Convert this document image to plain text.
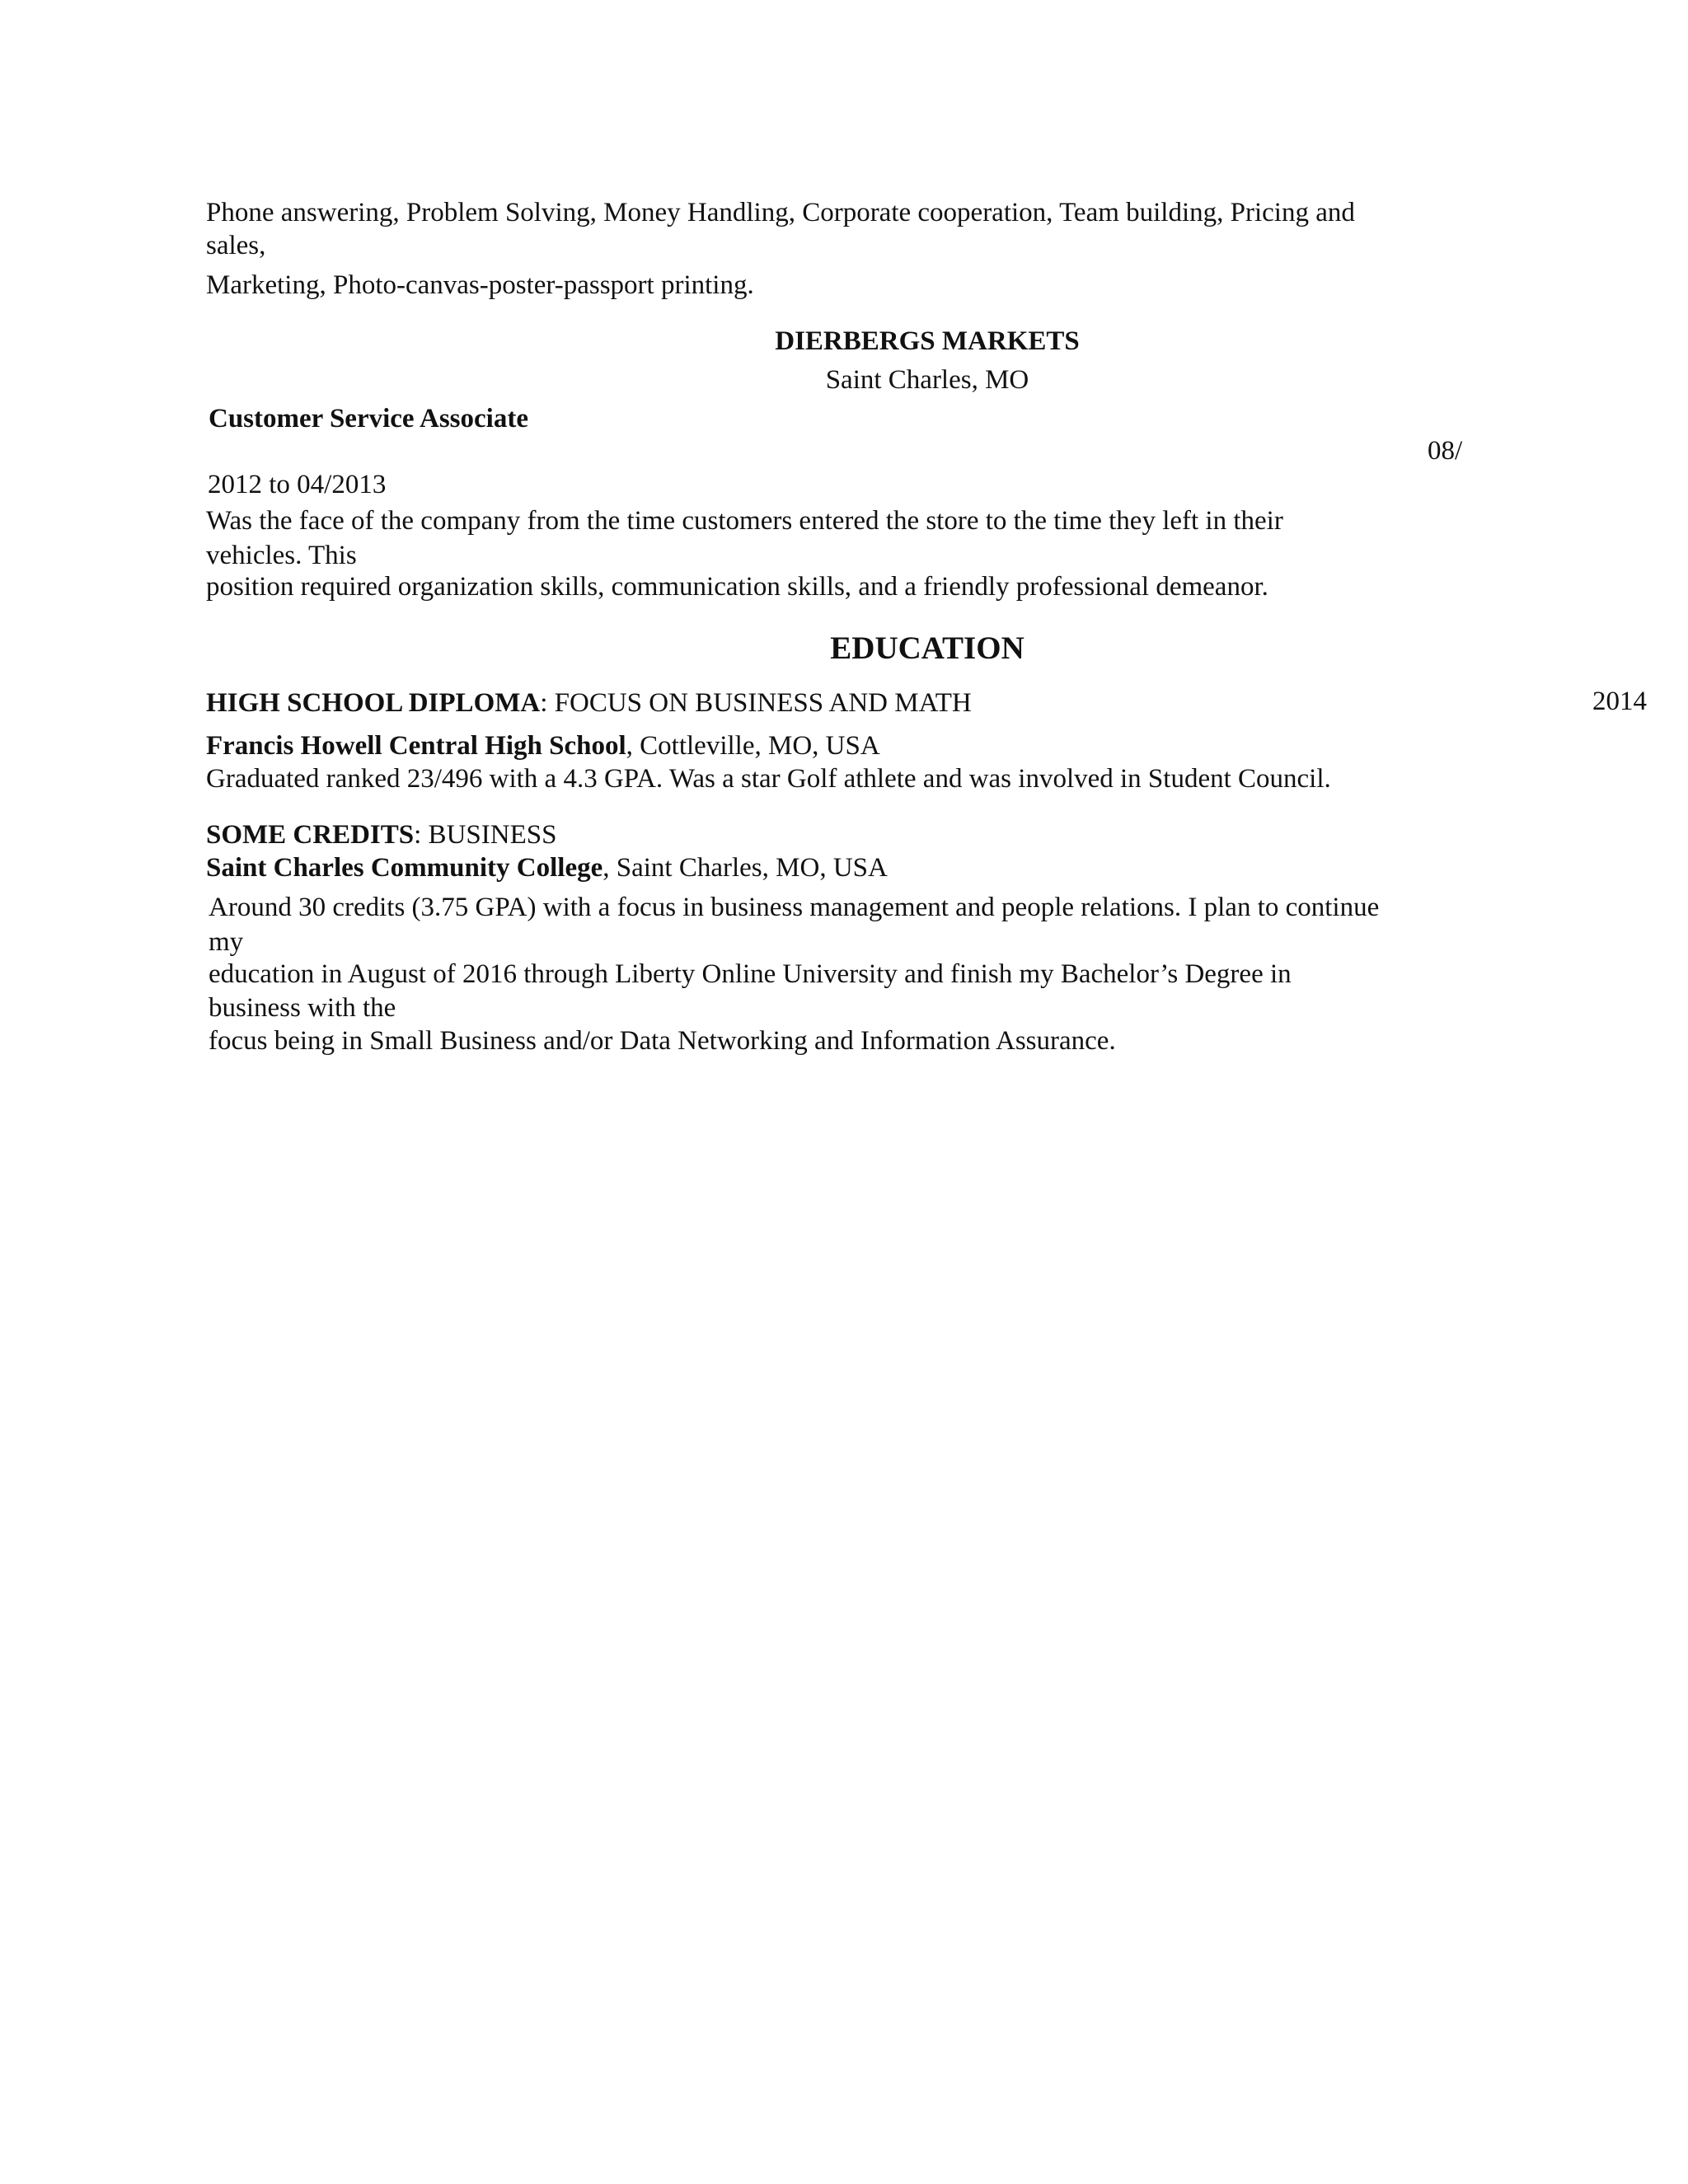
Phone answering, Problem Solving, Money Handling, Corporate cooperation, Team building, Pricing and
sales,
Marketing, Photo-canvas-poster-passport printing.
DIERBERGS MARKETS
Saint Charles, MO
Customer Service Associate
08/
2012 to 04/2013
Was the face of the company from the time customers entered the store to the time they left in their
vehicles. This
position required organization skills, communication skills, and a friendly professional demeanor.
EDUCATION
HIGH SCHOOL DIPLOMA: FOCUS ON BUSINESS AND MATH	2014
Francis Howell Central High School, Cottleville, MO, USA
Graduated ranked 23/496 with a 4.3 GPA. Was a star Golf athlete and was involved in Student Council.
SOME CREDITS: BUSINESS
Saint Charles Community College, Saint Charles, MO, USA
Around 30 credits (3.75 GPA) with a focus in business management and people relations. I plan to continue
my
education in August of 2016 through Liberty Online University and finish my Bachelor’s Degree in
business with the
focus being in Small Business and/or Data Networking and Information Assurance.
